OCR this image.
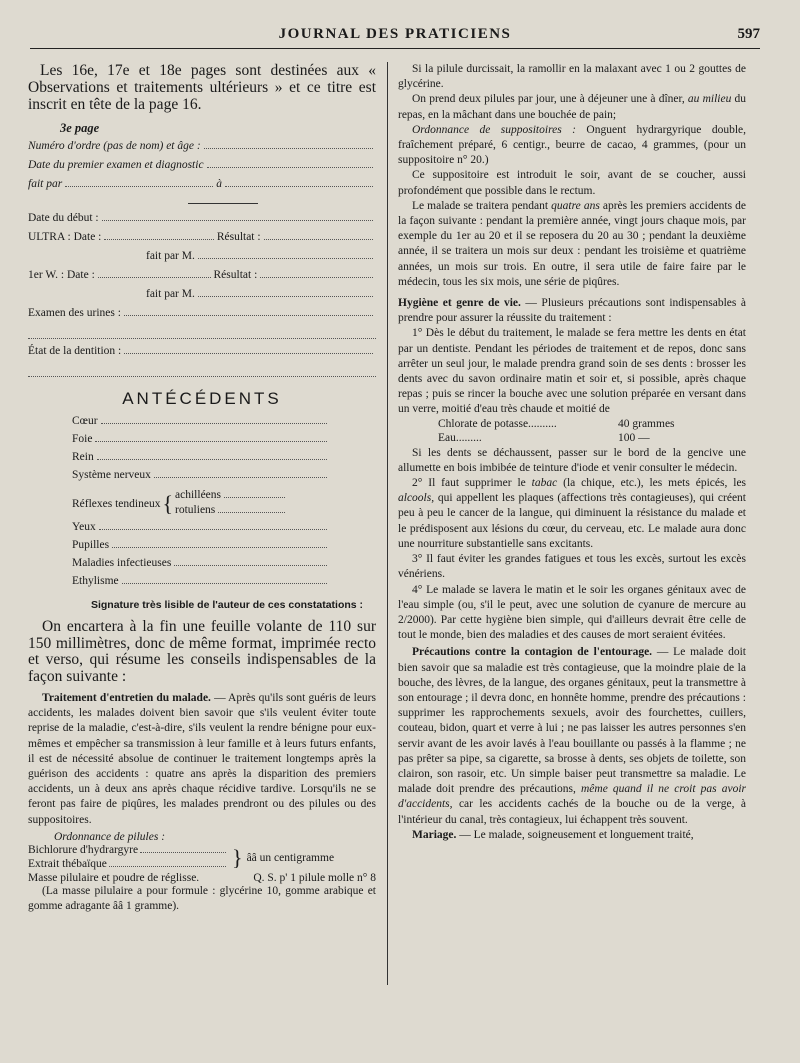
JOURNAL DES PRATICIENS	597

Les 16e, 17e et 18e pages sont destinées aux « Observations et traitements ultérieurs » et ce titre est inscrit en tête de la page 16.

3e page
Numéro d'ordre (pas de nom) et âge :
Date du premier examen et diagnostic
fait par	à
Date du début :
ULTRA :
Date :	Résultat :
fait par M.
1er W. :
Date :	Résultat :
fait par M.
Examen des urines :
État de la dentition :
ANTÉCÉDENTS
Cœur
Foie
Rein
Système nerveux
Réflexes tendineux { achilléens
rotuliens
Yeux
Pupilles
Maladies infectieuses
Ethylisme
Signature très lisible de l'auteur de ces constatations :

On encartera à la fin une feuille volante de 110 sur 150 millimètres, donc de même format, imprimée recto et verso, qui résume les conseils indispensables de la façon suivante :

Traitement d'entretien du malade. — Après qu'ils sont guéris de leurs accidents, les malades doivent bien savoir que s'ils veulent éviter toute reprise de la maladie, c'est-à-dire, s'ils veulent la rendre bénigne pour eux-mêmes et empêcher sa transmission à leur famille et à leurs futurs enfants, il est de nécessité absolue de continuer le traitement longtemps après la guérison des accidents : quatre ans après la disparition des premiers accidents, un à deux ans après chaque récidive tardive. Lorsqu'ils ne se feront pas faire de piqûres, les malades prendront ou des pilules ou des suppositoires.

Ordonnance de pilules :
Bichlorure d'hydrargyre
Extrait thébaïque	} ââ un centigramme
Masse pilulaire et poudre de réglisse.	Q. S. p' 1 pilule molle n° 8

(La masse pilulaire a pour formule : glycérine 10, gomme arabique et gomme adragante ââ 1 gramme).

Si la pilule durcissait, la ramollir en la malaxant avec 1 ou 2 gouttes de glycérine.

On prend deux pilules par jour, une à déjeuner une à dîner, au milieu du repas, en la mâchant dans une bouchée de pain;

Ordonnance de suppositoires : Onguent hydrargyrique double, fraîchement préparé, 6 centigr., beurre de cacao, 4 grammes, (pour un suppositoire n° 20.)

Ce suppositoire est introduit le soir, avant de se coucher, aussi profondément que possible dans le rectum.

Le malade se traitera pendant quatre ans après les premiers accidents de la façon suivante : pendant la première année, vingt jours chaque mois, par exemple du 1er au 20 et il se reposera du 20 au 30 ; pendant la deuxième année, il se traitera un mois sur deux : pendant les troisième et quatrième années, un mois sur trois. En outre, il sera utile de faire faire par le médecin, tous les six mois, une série de piqûres.

Hygiène et genre de vie. — Plusieurs précautions sont indispensables à prendre pour assurer la réussite du traitement :

1° Dès le début du traitement, le malade se fera mettre les dents en état par un dentiste. Pendant les périodes de traitement et de repos, donc sans arrêter un seul jour, le malade prendra grand soin de ses dents : brosser les dents avec du savon ordinaire matin et soir et, si possible, après chaque repas ; puis se rincer la bouche avec une solution préparée en versant dans un verre, moitié d'eau très chaude et moitié de

Chlorate de potasse..........	40 grammes
Eau.........	100 —

Si les dents se déchaussent, passer sur le bord de la gencive une allumette en bois imbibée de teinture d'iode et venir consulter le médecin.

2° Il faut supprimer le tabac (la chique, etc.), les mets épicés, les alcools, qui appellent les plaques (affections très contagieuses), qui créent peu à peu le cancer de la langue, qui diminuent la résistance du malade et le prédisposent aux lésions du cœur, du cerveau, etc. Le malade aura donc une nourriture substantielle sans excitants.

3° Il faut éviter les grandes fatigues et tous les excès, surtout les excès vénériens.

4° Le malade se lavera le matin et le soir les organes génitaux avec de l'eau simple (ou, s'il le peut, avec une solution de cyanure de mercure au 2/2000). Par cette hygiène bien simple, qui d'ailleurs devrait être celle de tout le monde, bien des maladies et des causes de mort seraient évitées.

Précautions contre la contagion de l'entourage. — Le malade doit bien savoir que sa maladie est très contagieuse, que la moindre plaie de la bouche, des lèvres, de la langue, des organes génitaux, peut la transmettre à son entourage ; il devra donc, en honnête homme, prendre des précautions : supprimer les rapprochements sexuels, avoir des fourchettes, cuillers, couteau, bidon, quart et verre à lui ; ne pas laisser les autres personnes s'en servir avant de les avoir lavés à l'eau bouillante ou passés à la flamme ; ne pas prêter sa pipe, sa cigarette, sa brosse à dents, ses objets de toilette, son clairon, son rasoir, etc. Un simple baiser peut transmettre sa maladie. Le malade doit prendre des précautions, même quand il ne croit pas avoir d'accidents, car les accidents cachés de la bouche ou de la verge, à l'intérieur du canal, très contagieux, lui échappent très souvent.

Mariage. — Le malade, soigneusement et longuement traité,
